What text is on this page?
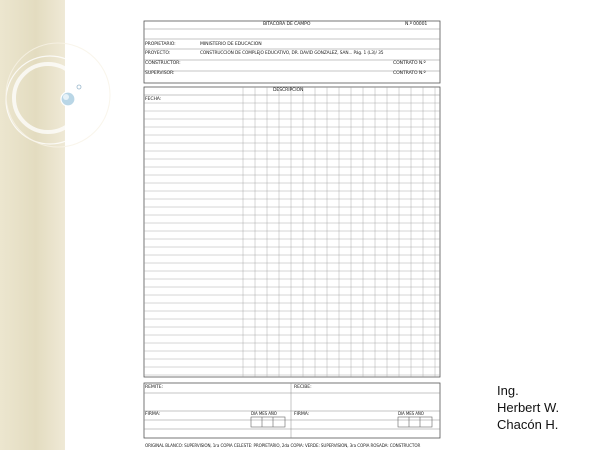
BITACORA DE CAMPO	N.º 00001
PROPIETARIO:	MINISTERIO DE EDUCACION
PROYECTO:	CONSTRUCCION DE COMPLEJO EDUCATIVO, DR. DAVID GONZALEZ, SAN... Pág. 1 (L3)/ 35
CONSTRUCTOR:	CONTRATO N.º
SUPERVISOR:	CONTRATO N.º
DESCRIPCION
FECHA:
REMITE:	RECIBE:
FIRMA:	DIA MES AÑO	FIRMA:	DIA MES AÑO
ORIGINAL BLANCO: SUPERVISION, 1ra COPIA CELESTE: PROPIETARIO, 2da COPIA: VERDE: SUPERVISION, 3ra COPIA ROSADA: CONSTRUCTOR
Ing.
Herbert W.
Chacón H.
